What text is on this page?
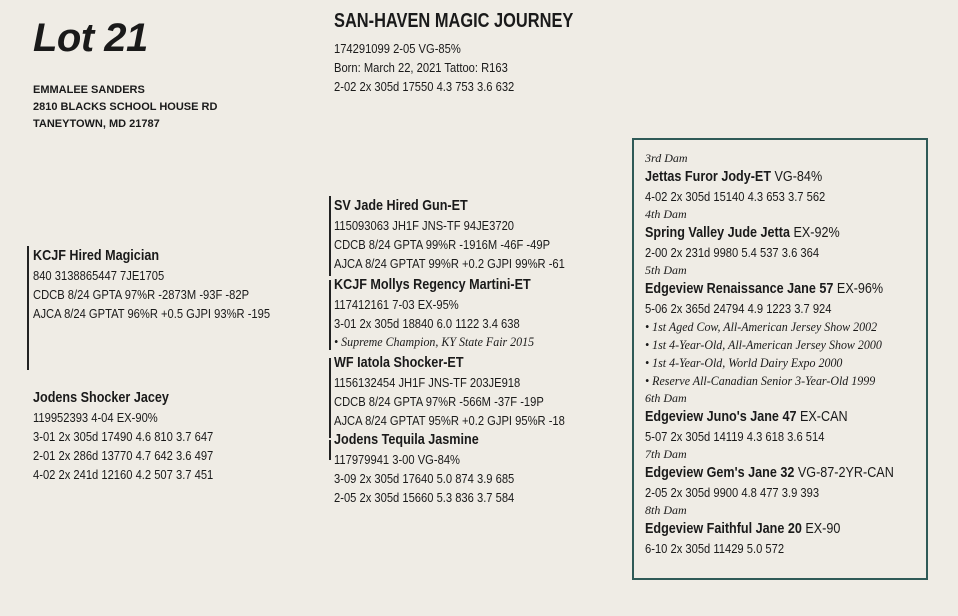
Lot 21
EMMALEE SANDERS
2810 BLACKS SCHOOL HOUSE RD
TANEYTOWN, MD 21787
SAN-HAVEN MAGIC JOURNEY
174291099 2-05 VG-85%
Born: March 22, 2021 Tattoo: R163
2-02 2x 305d 17550 4.3 753 3.6 632
KCJF Hired Magician
840 3138865447 7JE1705
CDCB 8/24 GPTA 97%R -2873M -93F -82P
AJCA 8/24 GPTAT 96%R +0.5 GJPI 93%R -195
Jodens Shocker Jacey
119952393 4-04 EX-90%
3-01 2x 305d 17490 4.6 810 3.7 647
2-01 2x 286d 13770 4.7 642 3.6 497
4-02 2x 241d 12160 4.2 507 3.7 451
SV Jade Hired Gun-ET
115093063 JH1F JNS-TF 94JE3720
CDCB 8/24 GPTA 99%R -1916M -46F -49P
AJCA 8/24 GPTAT 99%R +0.2 GJPI 99%R -61
KCJF Mollys Regency Martini-ET
117412161 7-03 EX-95%
3-01 2x 305d 18840 6.0 1122 3.4 638
• Supreme Champion, KY State Fair 2015
WF Iatola Shocker-ET
1156132454 JH1F JNS-TF 203JE918
CDCB 8/24 GPTA 97%R -566M -37F -19P
AJCA 8/24 GPTAT 95%R +0.2 GJPI 95%R -18
Jodens Tequila Jasmine
117979941 3-00 VG-84%
3-09 2x 305d 17640 5.0 874 3.9 685
2-05 2x 305d 15660 5.3 836 3.7 584
3rd Dam
Jettas Furor Jody-ET VG-84%
4-02 2x 305d 15140 4.3 653 3.7 562
4th Dam
Spring Valley Jude Jetta EX-92%
2-00 2x 231d 9980 5.4 537 3.6 364
5th Dam
Edgeview Renaissance Jane 57 EX-96%
5-06 2x 365d 24794 4.9 1223 3.7 924
• 1st Aged Cow, All-American Jersey Show 2002
• 1st 4-Year-Old, All-American Jersey Show 2000
• 1st 4-Year-Old, World Dairy Expo 2000
• Reserve All-Canadian Senior 3-Year-Old 1999
6th Dam
Edgeview Juno's Jane 47 EX-CAN
5-07 2x 305d 14119 4.3 618 3.6 514
7th Dam
Edgeview Gem's Jane 32 VG-87-2YR-CAN
2-05 2x 305d 9900 4.8 477 3.9 393
8th Dam
Edgeview Faithful Jane 20 EX-90
6-10 2x 305d 11429 5.0 572
